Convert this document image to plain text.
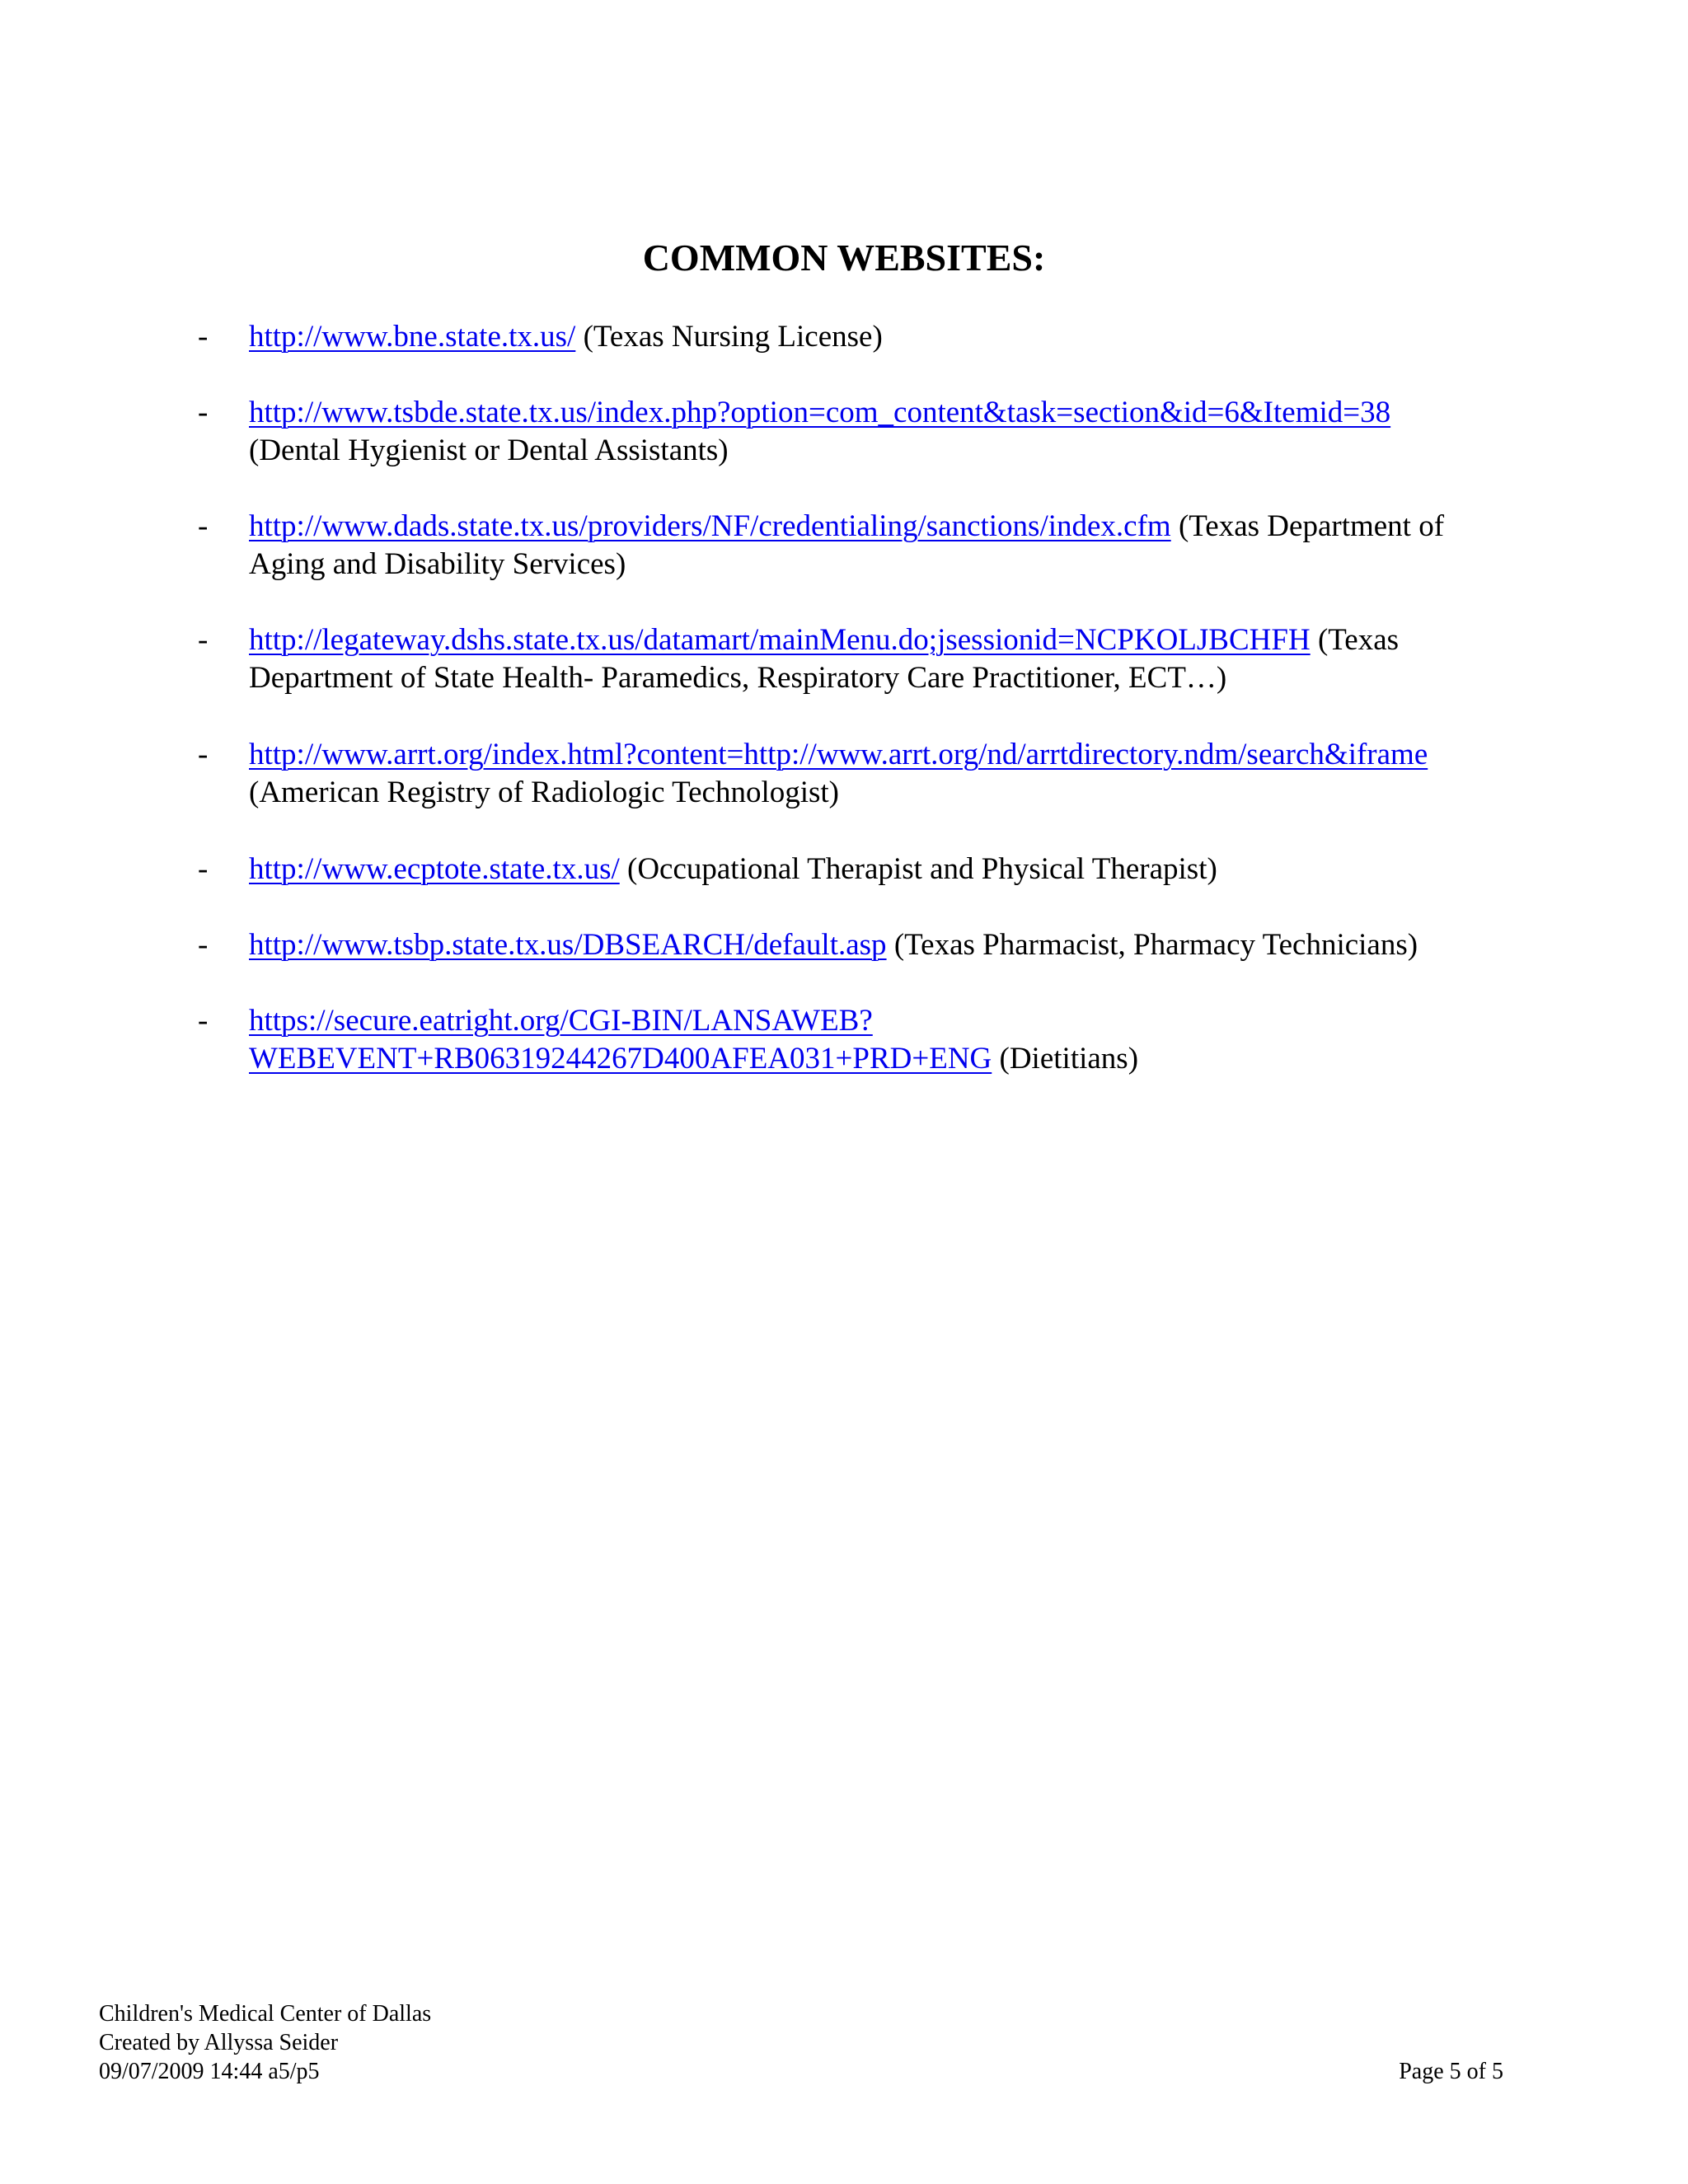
COMMON WEBSITES:
- http://www.bne.state.tx.us/ (Texas Nursing License)
- http://www.tsbde.state.tx.us/index.php?option=com_content&task=section&id=6&Itemid=38
(Dental Hygienist or Dental Assistants)
- http://www.dads.state.tx.us/providers/NF/credentialing/sanctions/index.cfm (Texas Department of
Aging and Disability Services)
- http://legateway.dshs.state.tx.us/datamart/mainMenu.do;jsessionid=NCPKOLJBCHFH (Texas
Department of State Health- Paramedics, Respiratory Care Practitioner, ECT…)
- http://www.arrt.org/index.html?content=http://www.arrt.org/nd/arrtdirectory.ndm/search&iframe
(American Registry of Radiologic Technologist)
- http://www.ecptote.state.tx.us/ (Occupational Therapist and Physical Therapist)
- http://www.tsbp.state.tx.us/DBSEARCH/default.asp (Texas Pharmacist, Pharmacy Technicians)
- https://secure.eatright.org/CGI-BIN/LANSAWEB?
WEBEVENT+RB06319244267D400AFEA031+PRD+ENG (Dietitians)
Children's Medical Center of Dallas
Created by Allyssa Seider
09/07/2009 14:44 a5/p5	Page 5 of 5
